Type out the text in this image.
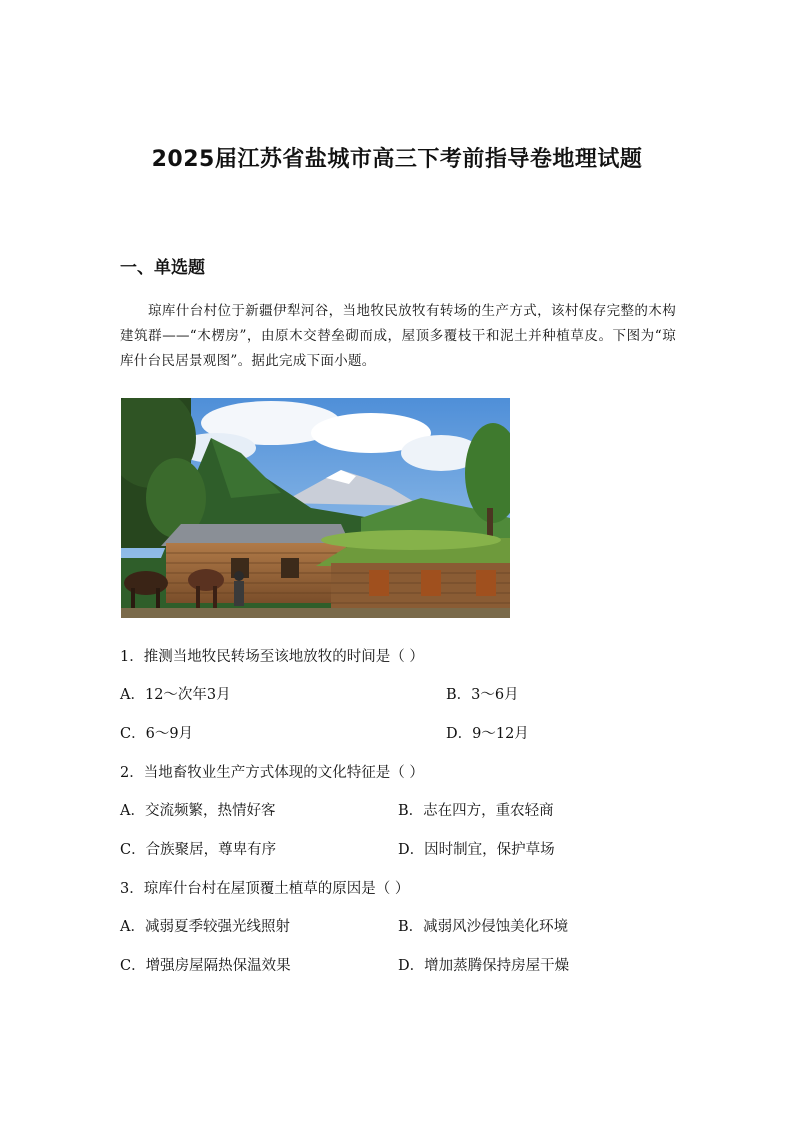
2025届江苏省盐城市高三下考前指导卷地理试题
一、单选题
琼库什台村位于新疆伊犁河谷，当地牧民放牧有转场的生产方式，该村保存完整的木构建筑群——“木楞房”，由原木交替垒砌而成，屋顶多覆枝干和泥土并种植草皮。下图为“琼库什台民居景观图”。据此完成下面小题。
1．推测当地牧民转场至该地放牧的时间是（ ）
A．12～次年3月	B．3～6月
C．6～9月	D．9～12月
2．当地畜牧业生产方式体现的文化特征是（ ）
A．交流频繁，热情好客	B．志在四方，重农轻商
C．合族聚居，尊卑有序	D．因时制宜，保护草场
3．琼库什台村在屋顶覆土植草的原因是（ ）
A．减弱夏季较强光线照射	B．减弱风沙侵蚀美化环境
C．增强房屋隔热保温效果	D．增加蒸腾保持房屋干燥
